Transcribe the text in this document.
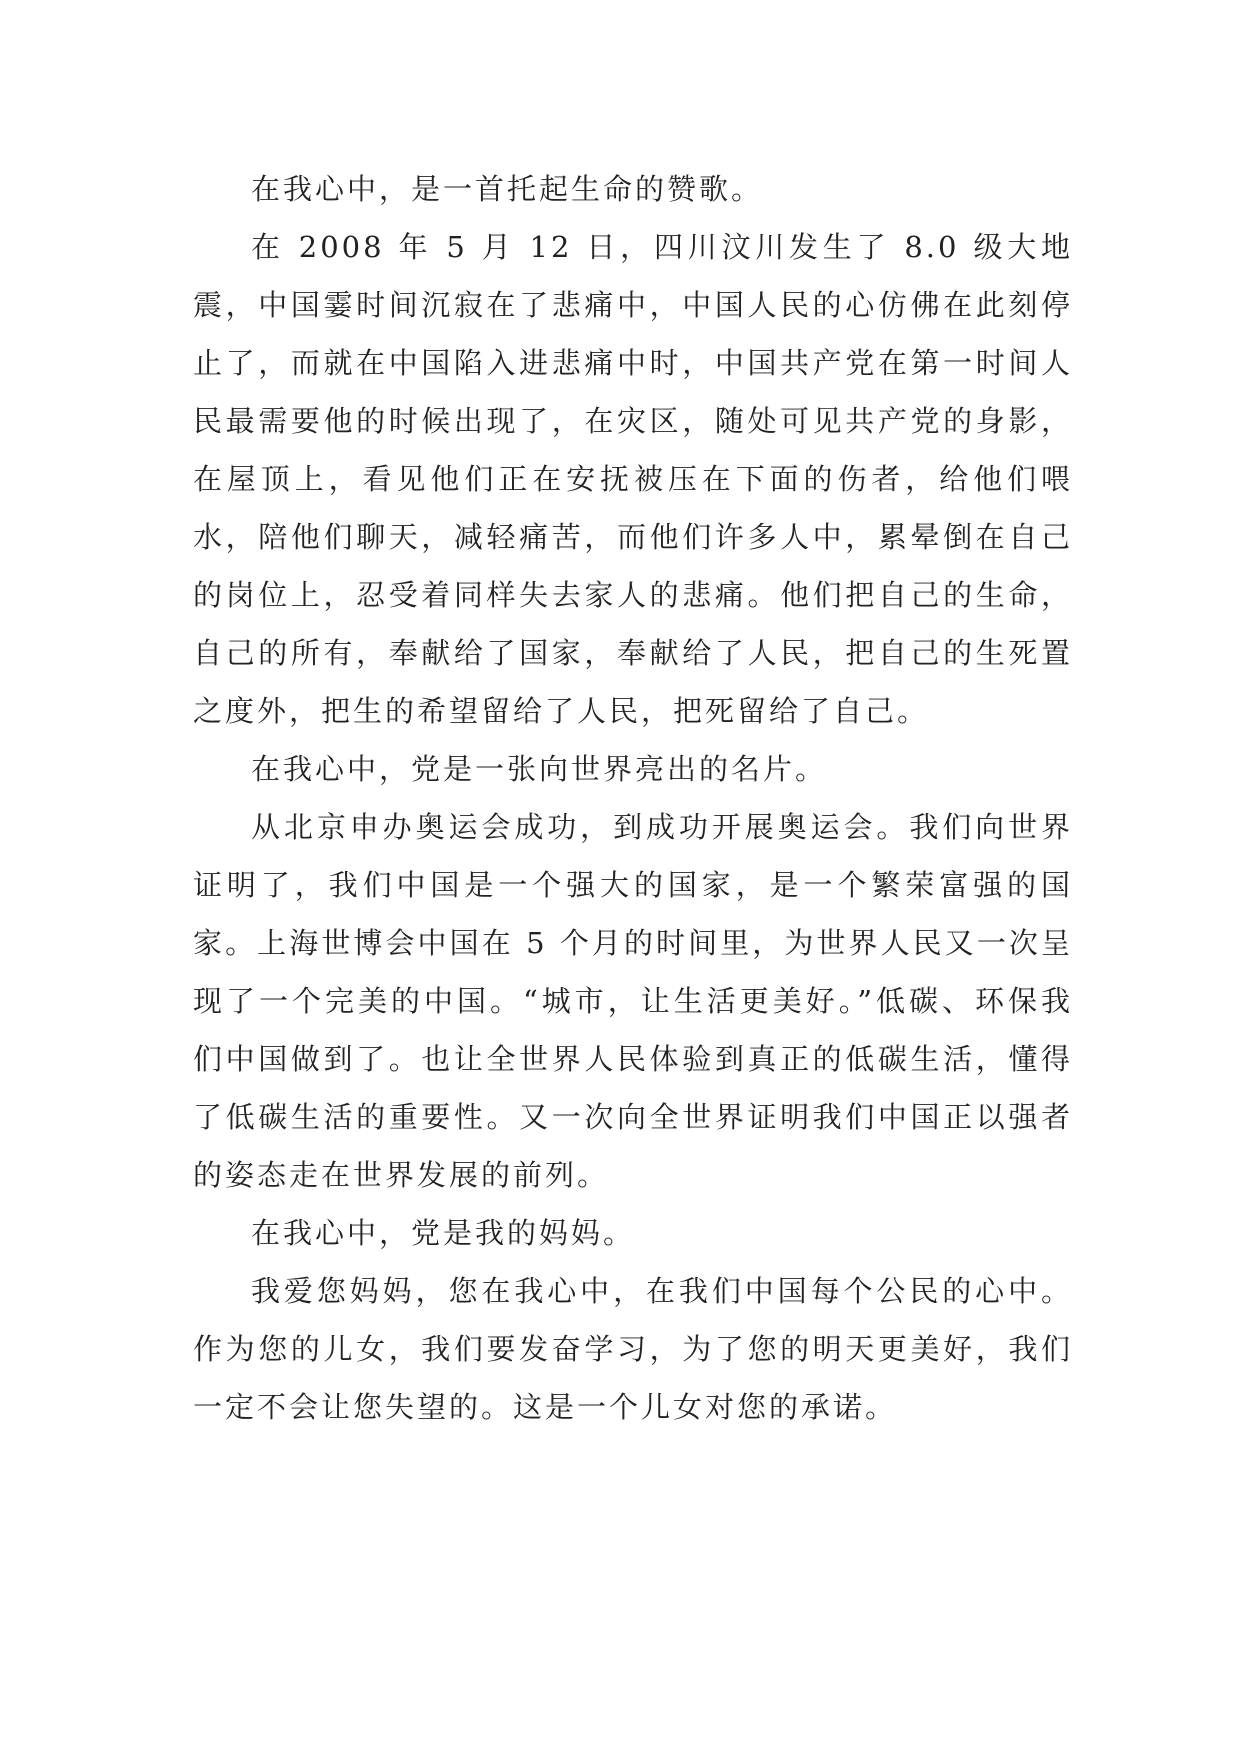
在我心中，是一首托起生命的赞歌。

在 2008 年 5 月 12 日，四川汶川发生了 8.0 级大地震，中国霎时间沉寂在了悲痛中，中国人民的心仿佛在此刻停止了，而就在中国陷入进悲痛中时，中国共产党在第一时间人民最需要他的时候出现了，在灾区，随处可见共产党的身影，在屋顶上，看见他们正在安抚被压在下面的伤者，给他们喂水，陪他们聊天，减轻痛苦，而他们许多人中，累晕倒在自己的岗位上，忍受着同样失去家人的悲痛。他们把自己的生命，自己的所有，奉献给了国家，奉献给了人民，把自己的生死置之度外，把生的希望留给了人民，把死留给了自己。

在我心中，党是一张向世界亮出的名片。

从北京申办奥运会成功，到成功开展奥运会。我们向世界证明了，我们中国是一个强大的国家，是一个繁荣富强的国家。上海世博会中国在 5 个月的时间里，为世界人民又一次呈现了一个完美的中国。“城市，让生活更美好。”低碳、环保我们中国做到了。也让全世界人民体验到真正的低碳生活，懂得了低碳生活的重要性。又一次向全世界证明我们中国正以强者的姿态走在世界发展的前列。

在我心中，党是我的妈妈。

我爱您妈妈，您在我心中，在我们中国每个公民的心中。作为您的儿女，我们要发奋学习，为了您的明天更美好，我们一定不会让您失望的。这是一个儿女对您的承诺。
